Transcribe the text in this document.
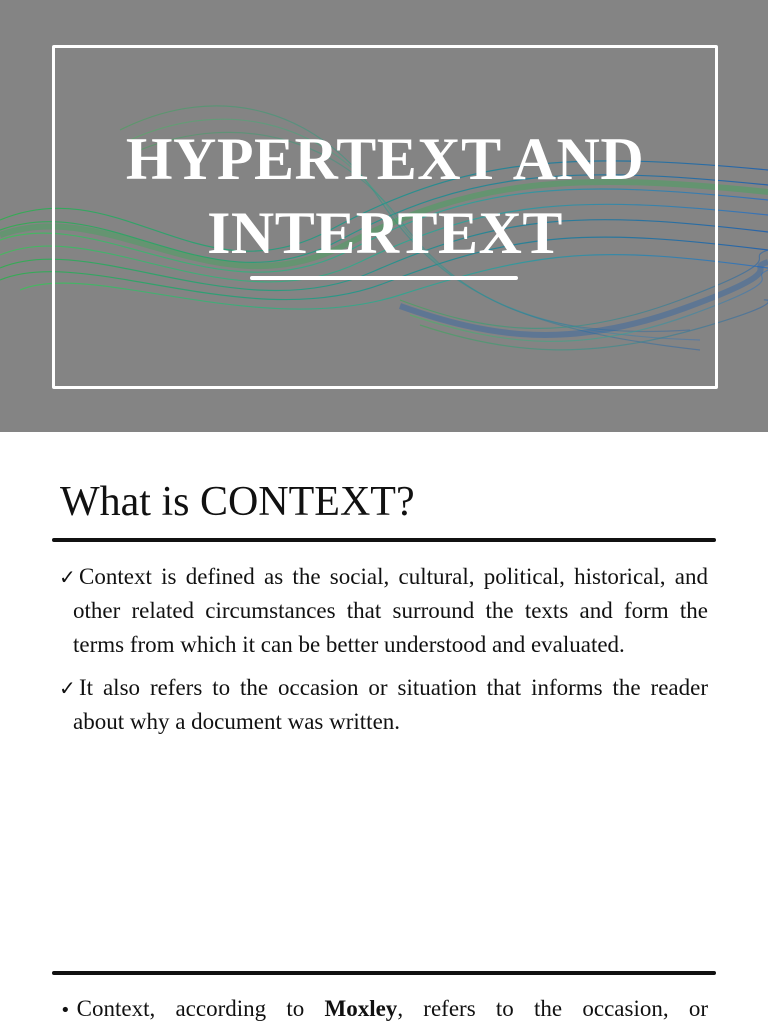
HYPERTEXT AND INTERTEXT
What is CONTEXT?
✓ Context is defined as the social, cultural, political, historical, and other related circumstances that surround the texts and form the terms from which it can be better understood and evaluated.
✓ It also refers to the occasion or situation that informs the reader about why a document was written.
• Context, according to Moxley, refers to the occasion, or
